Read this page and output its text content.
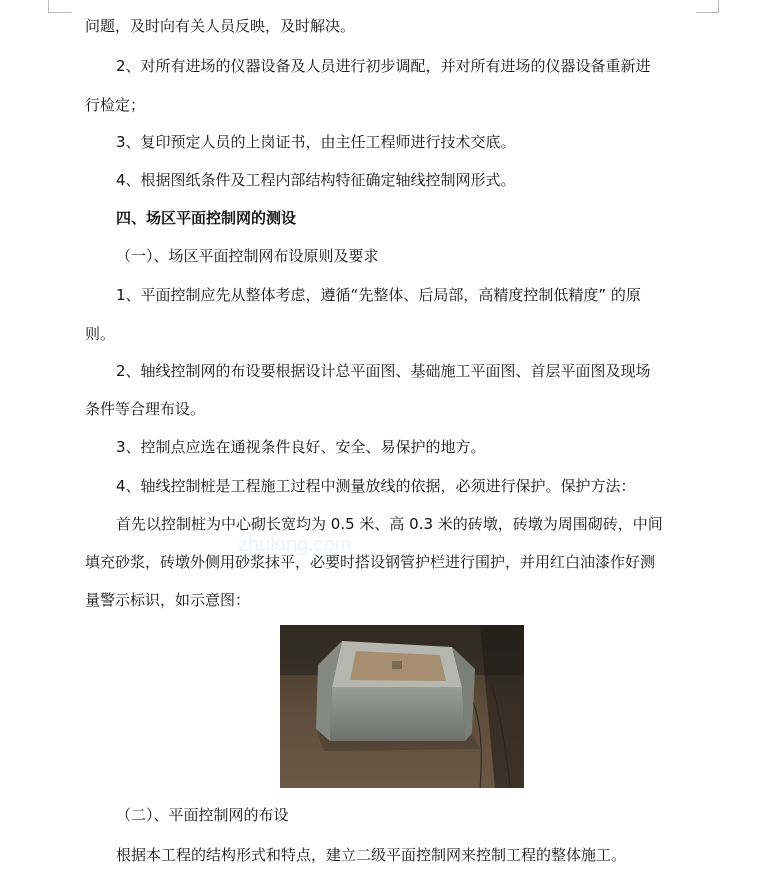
问题，及时向有关人员反映，及时解决。
2、对所有进场的仪器设备及人员进行初步调配，并对所有进场的仪器设备重新进
行检定；
3、复印预定人员的上岗证书，由主任工程师进行技术交底。
4、根据图纸条件及工程内部结构特征确定轴线控制网形式。
四、场区平面控制网的测设
（一）、场区平面控制网布设原则及要求
1、平面控制应先从整体考虑，遵循“先整体、后局部，高精度控制低精度” 的原
则。
2、轴线控制网的布设要根据设计总平面图、基础施工平面图、首层平面图及现场
条件等合理布设。
3、控制点应选在通视条件良好、安全、易保护的地方。
4、轴线控制桩是工程施工过程中测量放线的依据，必须进行保护。保护方法：
首先以控制桩为中心砌长宽均为 0.5 米、高 0.3 米的砖墩，砖墩为周围砌砖，中间
填充砂浆，砖墩外侧用砂浆抹平，必要时搭设钢管护栏进行围护，并用红白油漆作好测
量警示标识，如示意图：
zhulong.com
（二）、平面控制网的布设
根据本工程的结构形式和特点，建立二级平面控制网来控制工程的整体施工。
